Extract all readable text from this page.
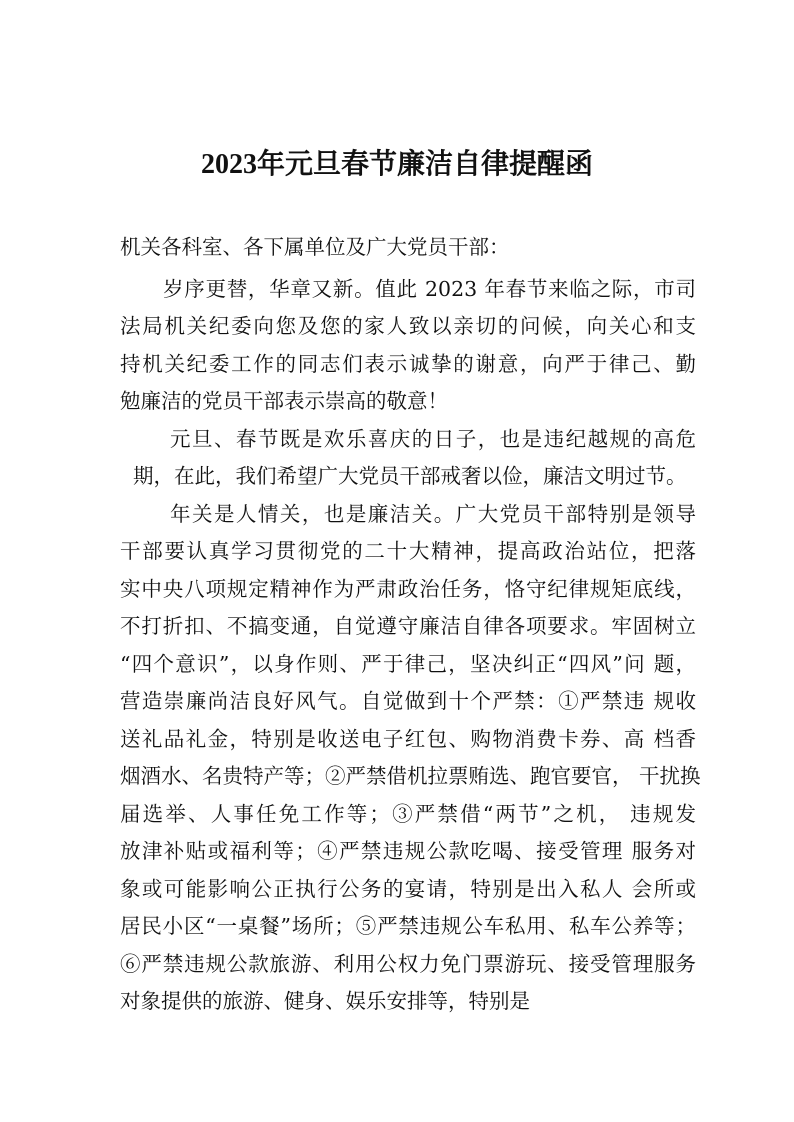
2023年元旦春节廉洁自律提醒函
机关各科室、各下属单位及广大党员干部：
岁序更替，华章又新。值此 2023 年春节来临之际，市司
法局机关纪委向您及您的家人致以亲切的问候，向关心和支
持机关纪委工作的同志们表示诚挚的谢意，向严于律己、勤
勉廉洁的党员干部表示崇高的敬意！
元旦、春节既是欢乐喜庆的日子，也是违纪越规的高危
期，在此，我们希望广大党员干部戒奢以俭，廉洁文明过节。
年关是人情关，也是廉洁关。广大党员干部特别是领导
干部要认真学习贯彻党的二十大精神，提高政治站位，把落
实中央八项规定精神作为严肃政治任务，恪守纪律规矩底线，
不打折扣、不搞变通，自觉遵守廉洁自律各项要求。牢固树立
“四个意识”，以身作则、严于律己，坚决纠正“四风”问 题，
营造崇廉尚洁良好风气。自觉做到十个严禁：①严禁违 规收
送礼品礼金，特别是收送电子红包、购物消费卡券、高 档香
烟酒水、名贵特产等；②严禁借机拉票贿选、跑官要官， 干扰换
届选举、人事任免工作等；③严禁借“两节”之机， 违规发
放津补贴或福利等；④严禁违规公款吃喝、接受管理 服务对
象或可能影响公正执行公务的宴请，特别是出入私人 会所或
居民小区“一桌餐”场所；⑤严禁违规公车私用、私车公养等；
⑥严禁违规公款旅游、利用公权力免门票游玩、接受管理服务
对象提供的旅游、健身、娱乐安排等，特别是
